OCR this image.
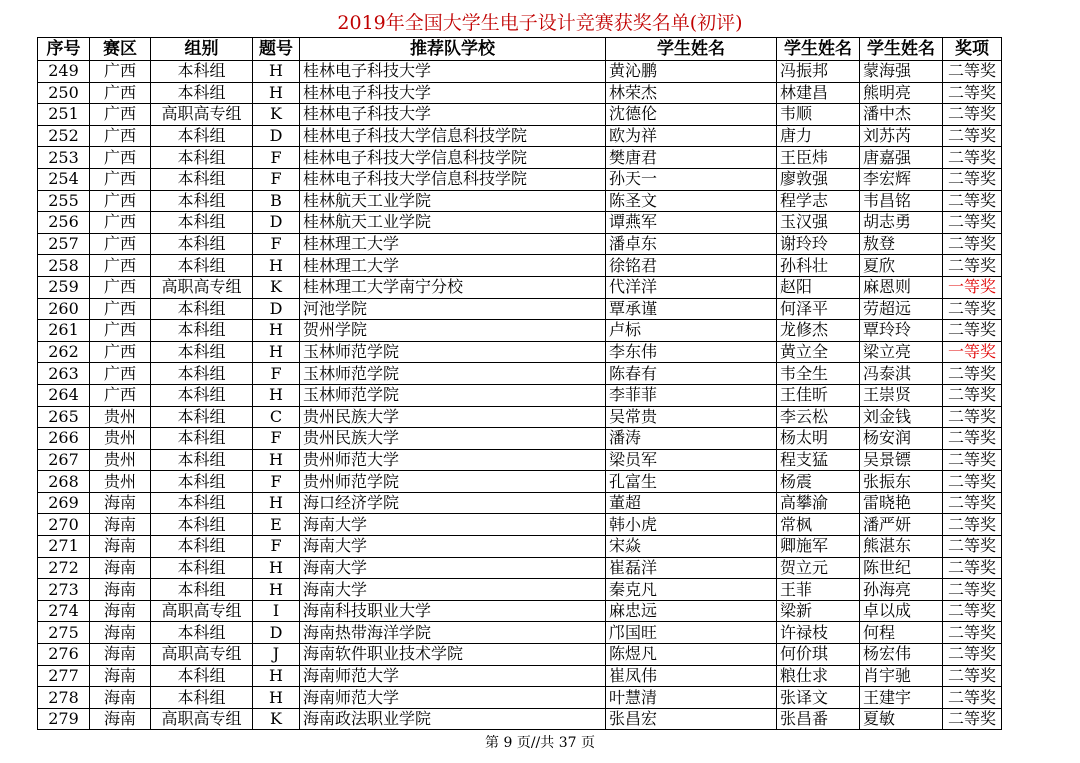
2019年全国大学生电子设计竞赛获奖名单(初评)
序号	赛区	组别	题号	推荐队学校	学生姓名	学生姓名	学生姓名	奖项
249	广西	本科组	H	桂林电子科技大学	黄沁鹏	冯振邦	蒙海强	二等奖
250	广西	本科组	H	桂林电子科技大学	林荣杰	林建昌	熊明亮	二等奖
251	广西	高职高专组	K	桂林电子科技大学	沈德伦	韦顺	潘中杰	二等奖
252	广西	本科组	D	桂林电子科技大学信息科技学院	欧为祥	唐力	刘苏芮	二等奖
253	广西	本科组	F	桂林电子科技大学信息科技学院	樊唐君	王臣炜	唐嘉强	二等奖
254	广西	本科组	F	桂林电子科技大学信息科技学院	孙天一	廖敦强	李宏辉	二等奖
255	广西	本科组	B	桂林航天工业学院	陈圣文	程学志	韦昌铭	二等奖
256	广西	本科组	D	桂林航天工业学院	谭燕军	玉汉强	胡志勇	二等奖
257	广西	本科组	F	桂林理工大学	潘卓东	谢玲玲	敖登	二等奖
258	广西	本科组	H	桂林理工大学	徐铭君	孙科壮	夏欣	二等奖
259	广西	高职高专组	K	桂林理工大学南宁分校	代洋洋	赵阳	麻恩则	一等奖
260	广西	本科组	D	河池学院	覃承谨	何泽平	劳超远	二等奖
261	广西	本科组	H	贺州学院	卢标	龙修杰	覃玲玲	二等奖
262	广西	本科组	H	玉林师范学院	李东伟	黄立全	梁立亮	一等奖
263	广西	本科组	F	玉林师范学院	陈春有	韦全生	冯泰淇	二等奖
264	广西	本科组	H	玉林师范学院	李菲菲	王佳昕	王崇贤	二等奖
265	贵州	本科组	C	贵州民族大学	吴常贵	李云松	刘金钱	二等奖
266	贵州	本科组	F	贵州民族大学	潘涛	杨太明	杨安润	二等奖
267	贵州	本科组	H	贵州师范大学	梁员军	程支猛	吴景镖	二等奖
268	贵州	本科组	F	贵州师范学院	孔富生	杨震	张振东	二等奖
269	海南	本科组	H	海口经济学院	董超	高攀渝	雷晓艳	二等奖
270	海南	本科组	E	海南大学	韩小虎	常枫	潘严妍	二等奖
271	海南	本科组	F	海南大学	宋焱	卿施军	熊湛东	二等奖
272	海南	本科组	H	海南大学	崔磊洋	贺立元	陈世纪	二等奖
273	海南	本科组	H	海南大学	秦克凡	王菲	孙海亮	二等奖
274	海南	高职高专组	I	海南科技职业大学	麻忠远	梁新	卓以成	二等奖
275	海南	本科组	D	海南热带海洋学院	邝国旺	许禄枝	何程	二等奖
276	海南	高职高专组	J	海南软件职业技术学院	陈煜凡	何价琪	杨宏伟	二等奖
277	海南	本科组	H	海南师范大学	崔凤伟	粮仕求	肖宇驰	二等奖
278	海南	本科组	H	海南师范大学	叶慧清	张译文	王建宇	二等奖
279	海南	高职高专组	K	海南政法职业学院	张昌宏	张昌番	夏敏	二等奖
第 9 页//共 37 页
